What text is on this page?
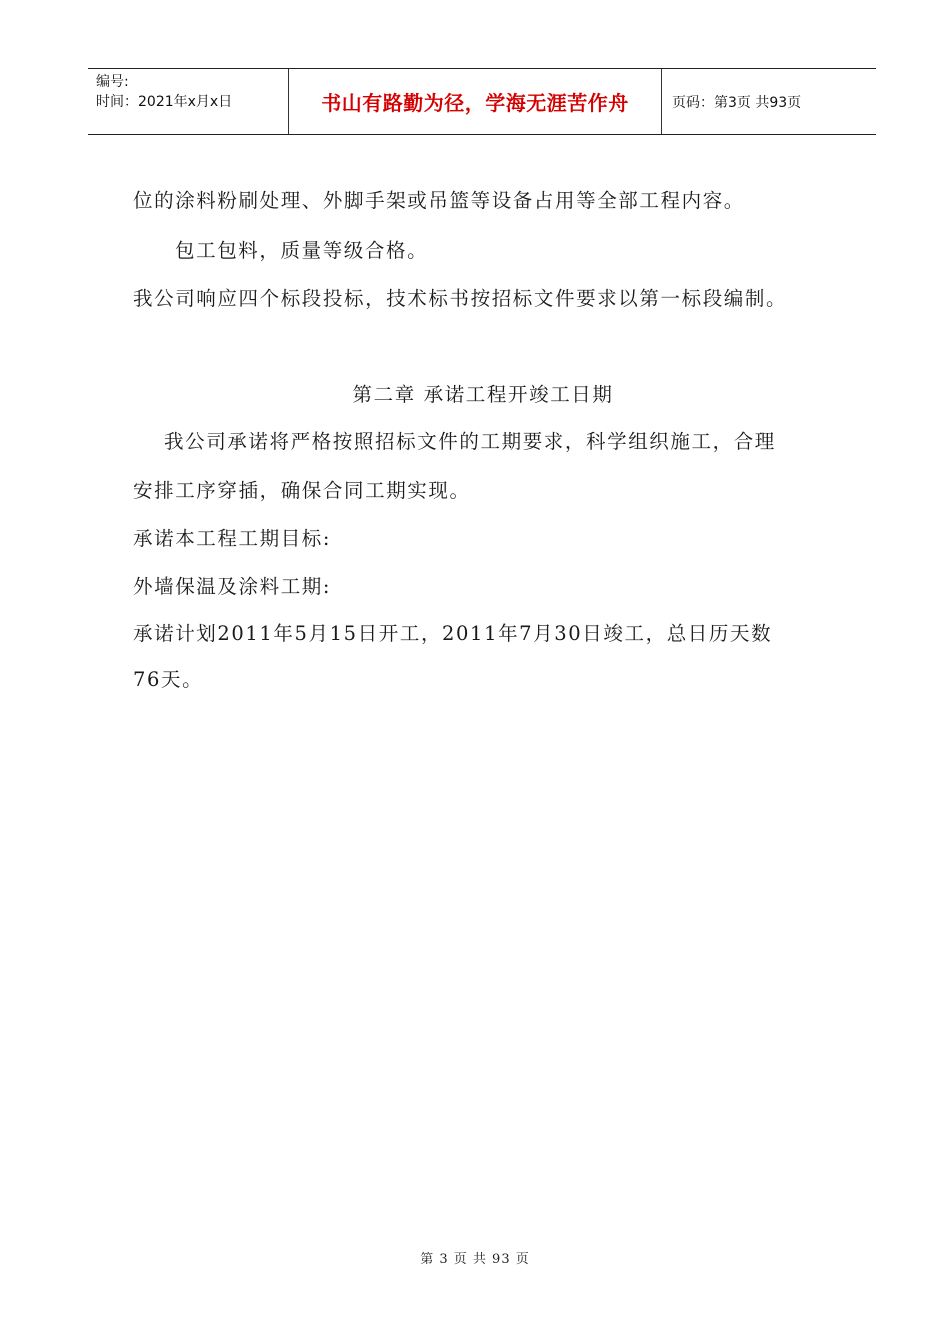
编号:
时间：2021年x月x日	书山有路勤为径，学海无涯苦作舟	页码：第3页 共93页
位的涂料粉刷处理、外脚手架或吊篮等设备占用等全部工程内容。
包工包料，质量等级合格。
我公司响应四个标段投标，技术标书按招标文件要求以第一标段编制。
第二章 承诺工程开竣工日期
我公司承诺将严格按照招标文件的工期要求，科学组织施工，合理
安排工序穿插，确保合同工期实现。
承诺本工程工期目标:
外墙保温及涂料工期:
承诺计划2011年5月15日开工，2011年7月30日竣工，总日历天数
76天。
第 3 页 共 93 页
